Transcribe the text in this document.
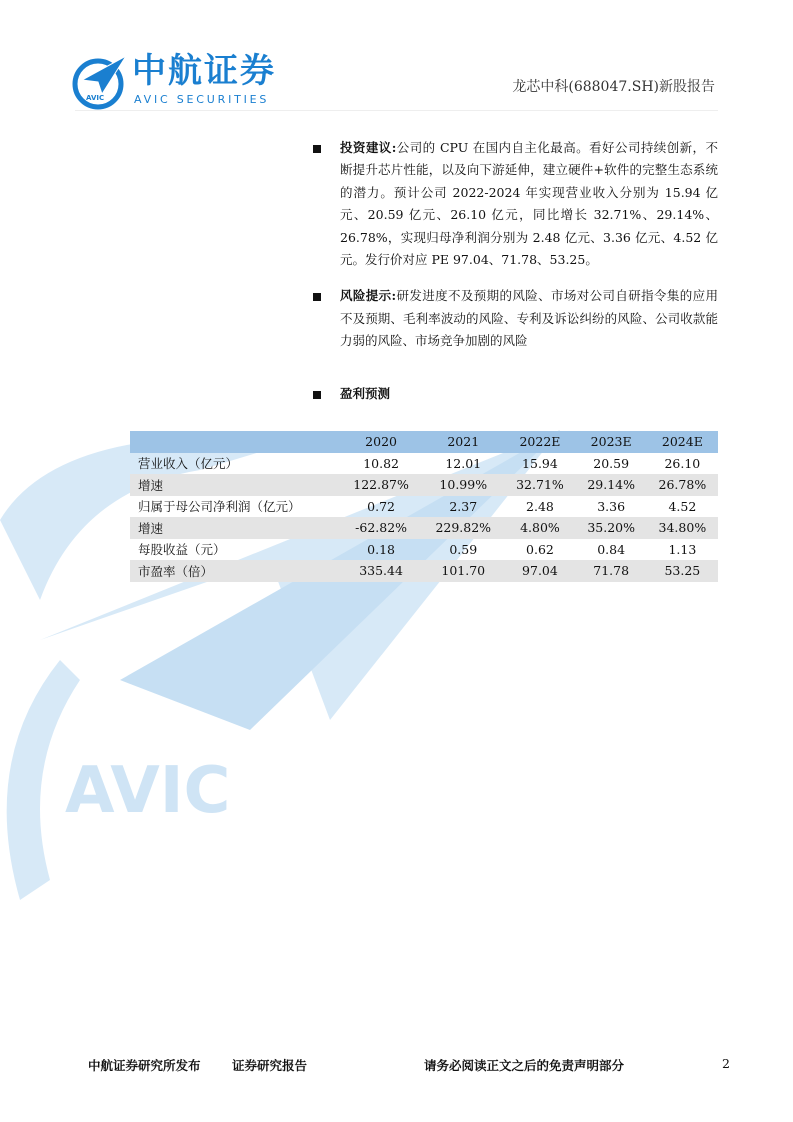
AVIC
AVIC
中航证券
AVIC SECURITIES
龙芯中科(688047.SH)新股报告
投资建议:公司的 CPU 在国内自主化最高。看好公司持续创新，不断提升芯片性能，以及向下游延伸，建立硬件+软件的完整生态系统的潜力。预计公司 2022-2024 年实现营业收入分别为 15.94 亿元、20.59 亿元、26.10 亿元，同比增长 32.71%、29.14%、26.78%，实现归母净利润分别为 2.48 亿元、3.36 亿元、4.52 亿元。发行价对应 PE 97.04、71.78、53.25。
风险提示:研发进度不及预期的风险、市场对公司自研指令集的应用不及预期、毛利率波动的风险、专利及诉讼纠纷的风险、公司收款能力弱的风险、市场竞争加剧的风险
盈利预测
	2020	2021	2022E	2023E	2024E
营业收入（亿元）	10.82	12.01	15.94	20.59	26.10
增速	122.87%	10.99%	32.71%	29.14%	26.78%
归属于母公司净利润（亿元）	0.72	2.37	2.48	3.36	4.52
增速	-62.82%	229.82%	4.80%	35.20%	34.80%
每股收益（元）	0.18	0.59	0.62	0.84	1.13
市盈率（倍）	335.44	101.70	97.04	71.78	53.25
中航证券研究所发布	证券研究报告	请务必阅读正文之后的免责声明部分	2
